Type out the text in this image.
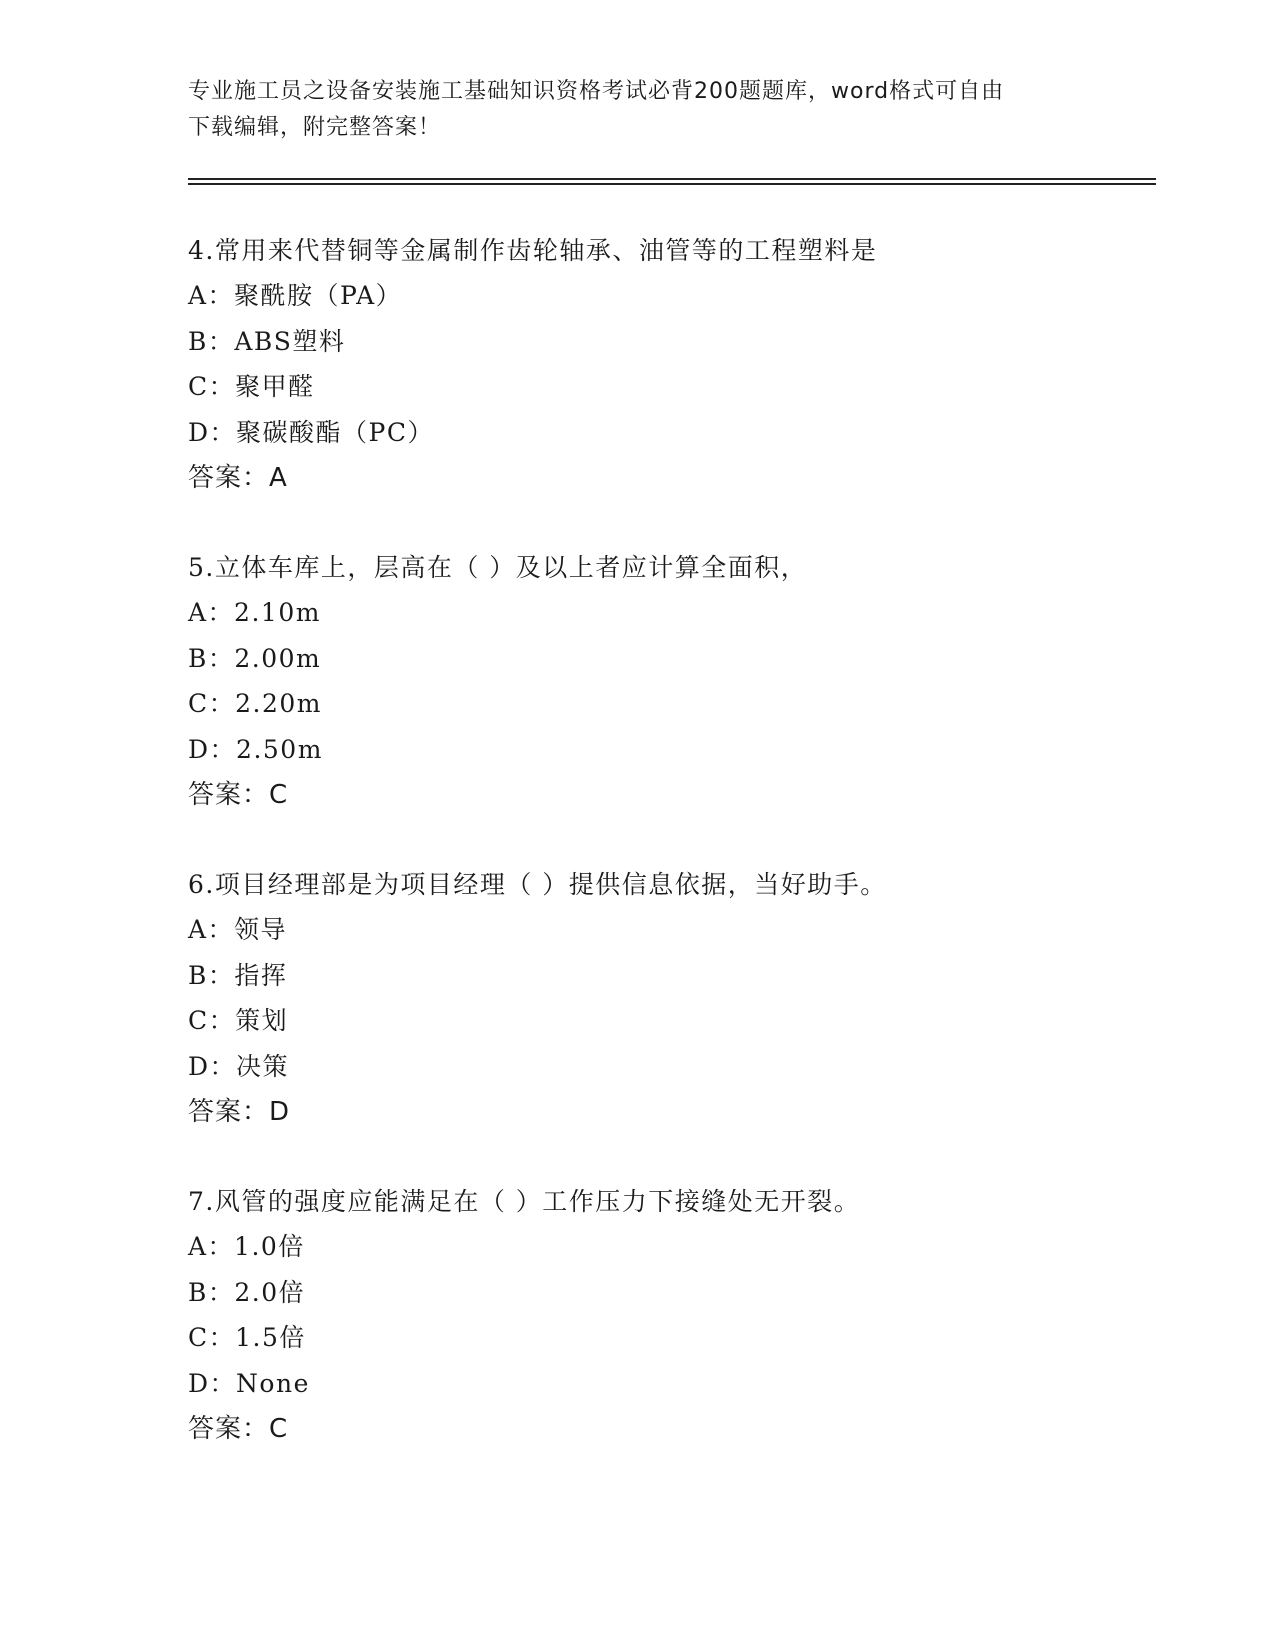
专业施工员之设备安装施工基础知识资格考试必背200题题库，word格式可自由
下载编辑，附完整答案！
4.常用来代替铜等金属制作齿轮轴承、油管等的工程塑料是
A：聚酰胺（PA）
B：ABS塑料
C：聚甲醛
D：聚碳酸酯（PC）
答案：A
5.立体车库上，层高在（ ）及以上者应计算全面积，
A：2.10m
B：2.00m
C：2.20m
D：2.50m
答案：C
6.项目经理部是为项目经理（ ）提供信息依据，当好助手。
A：领导
B：指挥
C：策划
D：决策
答案：D
7.风管的强度应能满足在（ ）工作压力下接缝处无开裂。
A：1.0倍
B：2.0倍
C：1.5倍
D：None
答案：C
